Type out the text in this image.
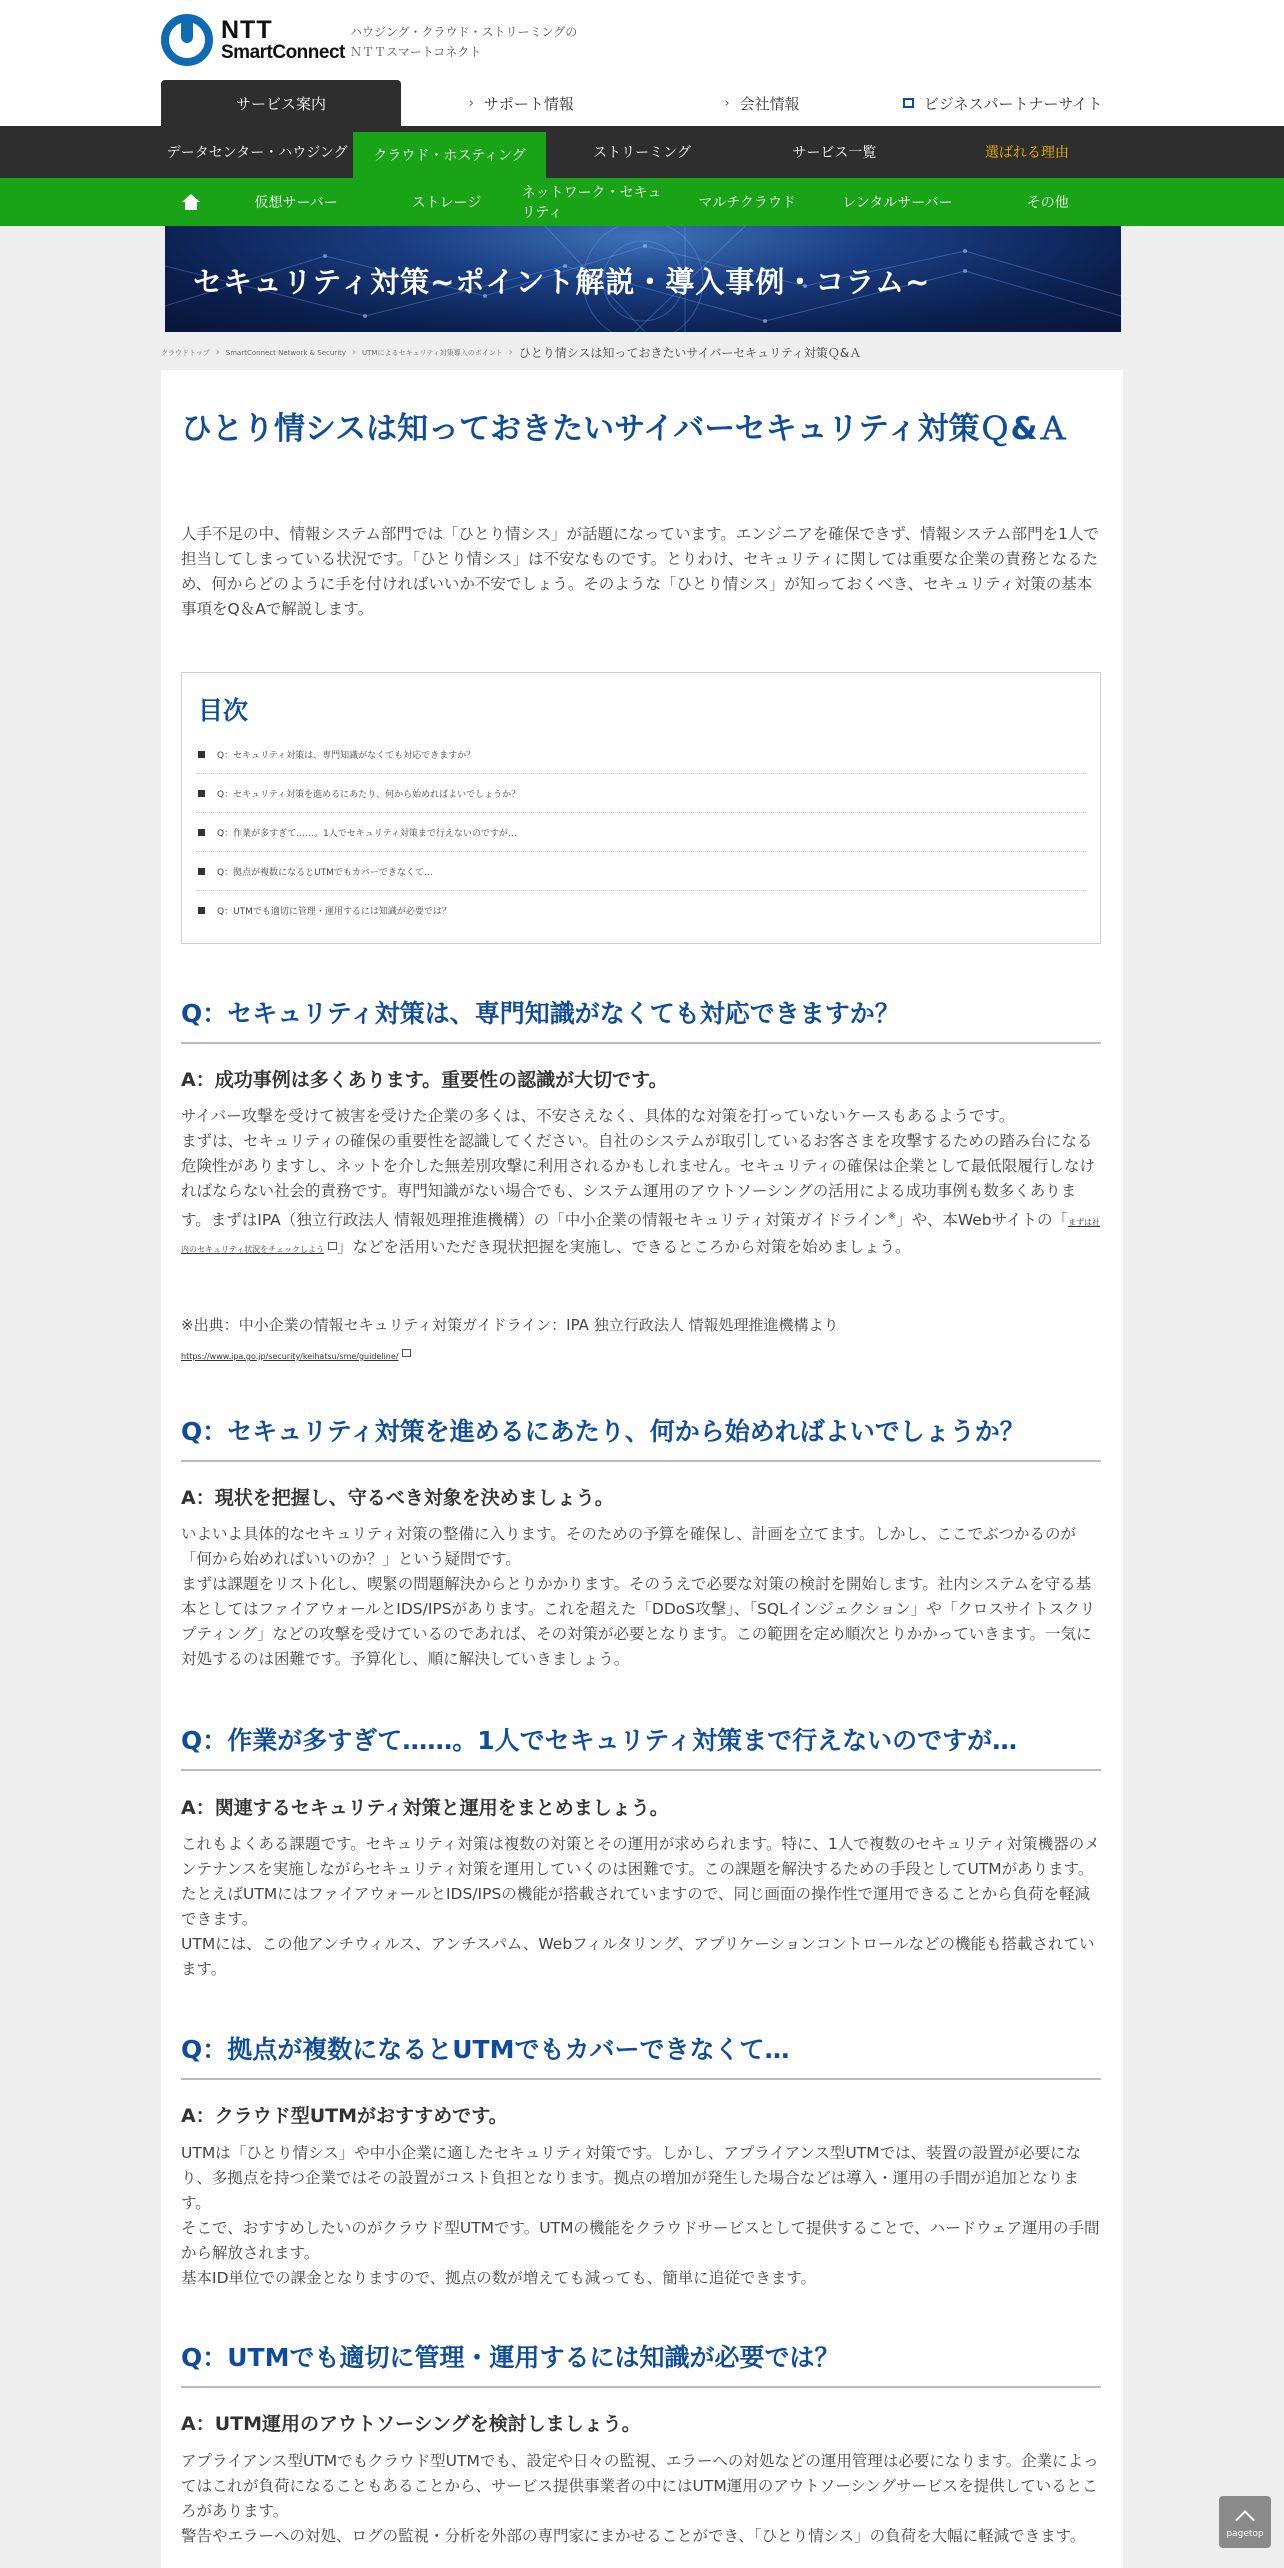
NTT
SmartConnect
ハウジング・クラウド・ストリーミングの
ＮＴＴスマートコネクト
サービス案内	› サポート情報	› 会社情報	ビジネスパートナーサイト
データセンター・ハウジング	クラウド・ホスティング	ストリーミング	サービス一覧	選ばれる理由
仮想サーバー	ストレージ
ネットワーク・セキュリティ
マルチクラウド	レンタルサーバー	その他
セキュリティ対策~ポイント解説・導入事例・コラム~
クラウドトップ › SmartConnect Network & Security › UTMによるセキュリティ対策導入のポイント › ひとり情シスは知っておきたいサイバーセキュリティ対策Ｑ&Ａ
ひとり情シスは知っておきたいサイバーセキュリティ対策Ｑ&Ａ

人手不足の中、情報システム部門では「ひとり情シス」が話題になっています。エンジニアを確保できず、情報システム部門を1人で担当してしまっている状況です。「ひとり情シス」は不安なものです。とりわけ、セキュリティに関しては重要な企業の責務となるため、何からどのように手を付ければいいか不安でしょう。そのような「ひとり情シス」が知っておくべき、セキュリティ対策の基本事項をQ＆Aで解説します。

目次
Q：セキュリティ対策は、専門知識がなくても対応できますか？
Q：セキュリティ対策を進めるにあたり、何から始めればよいでしょうか？
Q：作業が多すぎて……。1人でセキュリティ対策まで行えないのですが…
Q：拠点が複数になるとUTMでもカバーできなくて…
Q：UTMでも適切に管理・運用するには知識が必要では？
Q：セキュリティ対策は、専門知識がなくても対応できますか？
A：成功事例は多くあります。重要性の認識が大切です。

サイバー攻撃を受けて被害を受けた企業の多くは、不安さえなく、具体的な対策を打っていないケースもあるようです。
まずは、セキュリティの確保の重要性を認識してください。自社のシステムが取引しているお客さまを攻撃するための踏み台になる危険性がありますし、ネットを介した無差別攻撃に利用されるかもしれません。セキュリティの確保は企業として最低限履行しなければならない社会的責務です。専門知識がない場合でも、システム運用のアウトソーシングの活用による成功事例も数多くあります。まずはIPA（独立行政法人 情報処理推進機構）の「中小企業の情報セキュリティ対策ガイドライン※」や、本Webサイトの「まずは社内のセキュリティ状況をチェックしよう 」などを活用いただき現状把握を実施し、できるところから対策を始めましょう。

※出典：中小企業の情報セキュリティ対策ガイドライン：IPA 独立行政法人 情報処理推進機構より
https://www.ipa.go.jp/security/keihatsu/sme/guideline/
Q：セキュリティ対策を進めるにあたり、何から始めればよいでしょうか？
A：現状を把握し、守るべき対象を決めましょう。

いよいよ具体的なセキュリティ対策の整備に入ります。そのための予算を確保し、計画を立てます。しかし、ここでぶつかるのが「何から始めればいいのか？」という疑問です。
まずは課題をリスト化し、喫緊の問題解決からとりかかります。そのうえで必要な対策の検討を開始します。社内システムを守る基本としてはファイアウォールとIDS/IPSがあります。これを超えた「DDoS攻撃」、「SQLインジェクション」や「クロスサイトスクリプティング」などの攻撃を受けているのであれば、その対策が必要となります。この範囲を定め順次とりかかっていきます。一気に対処するのは困難です。予算化し、順に解決していきましょう。

Q：作業が多すぎて……。1人でセキュリティ対策まで行えないのですが…
A：関連するセキュリティ対策と運用をまとめましょう。

これもよくある課題です。セキュリティ対策は複数の対策とその運用が求められます。特に、1人で複数のセキュリティ対策機器のメンテナンスを実施しながらセキュリティ対策を運用していくのは困難です。この課題を解決するための手段としてUTMがあります。たとえばUTMにはファイアウォールとIDS/IPSの機能が搭載されていますので、同じ画面の操作性で運用できることから負荷を軽減できます。
UTMには、この他アンチウィルス、アンチスパム、Webフィルタリング、アプリケーションコントロールなどの機能も搭載されています。

Q：拠点が複数になるとUTMでもカバーできなくて…
A：クラウド型UTMがおすすめです。

UTMは「ひとり情シス」や中小企業に適したセキュリティ対策です。しかし、アプライアンス型UTMでは、装置の設置が必要になり、多拠点を持つ企業ではその設置がコスト負担となります。拠点の増加が発生した場合などは導入・運用の手間が追加となります。
そこで、おすすめしたいのがクラウド型UTMです。UTMの機能をクラウドサービスとして提供することで、ハードウェア運用の手間から解放されます。
基本ID単位での課金となりますので、拠点の数が増えても減っても、簡単に追従できます。

Q：UTMでも適切に管理・運用するには知識が必要では？
A：UTM運用のアウトソーシングを検討しましょう。

アプライアンス型UTMでもクラウド型UTMでも、設定や日々の監視、エラーへの対処などの運用管理は必要になります。企業によってはこれが負荷になることもあることから、サービス提供事業者の中にはUTM運用のアウトソーシングサービスを提供しているところがあります。
警告やエラーへの対処、ログの監視・分析を外部の専門家にまかせることができ、「ひとり情シス」の負荷を大幅に軽減できます。	pagetop
